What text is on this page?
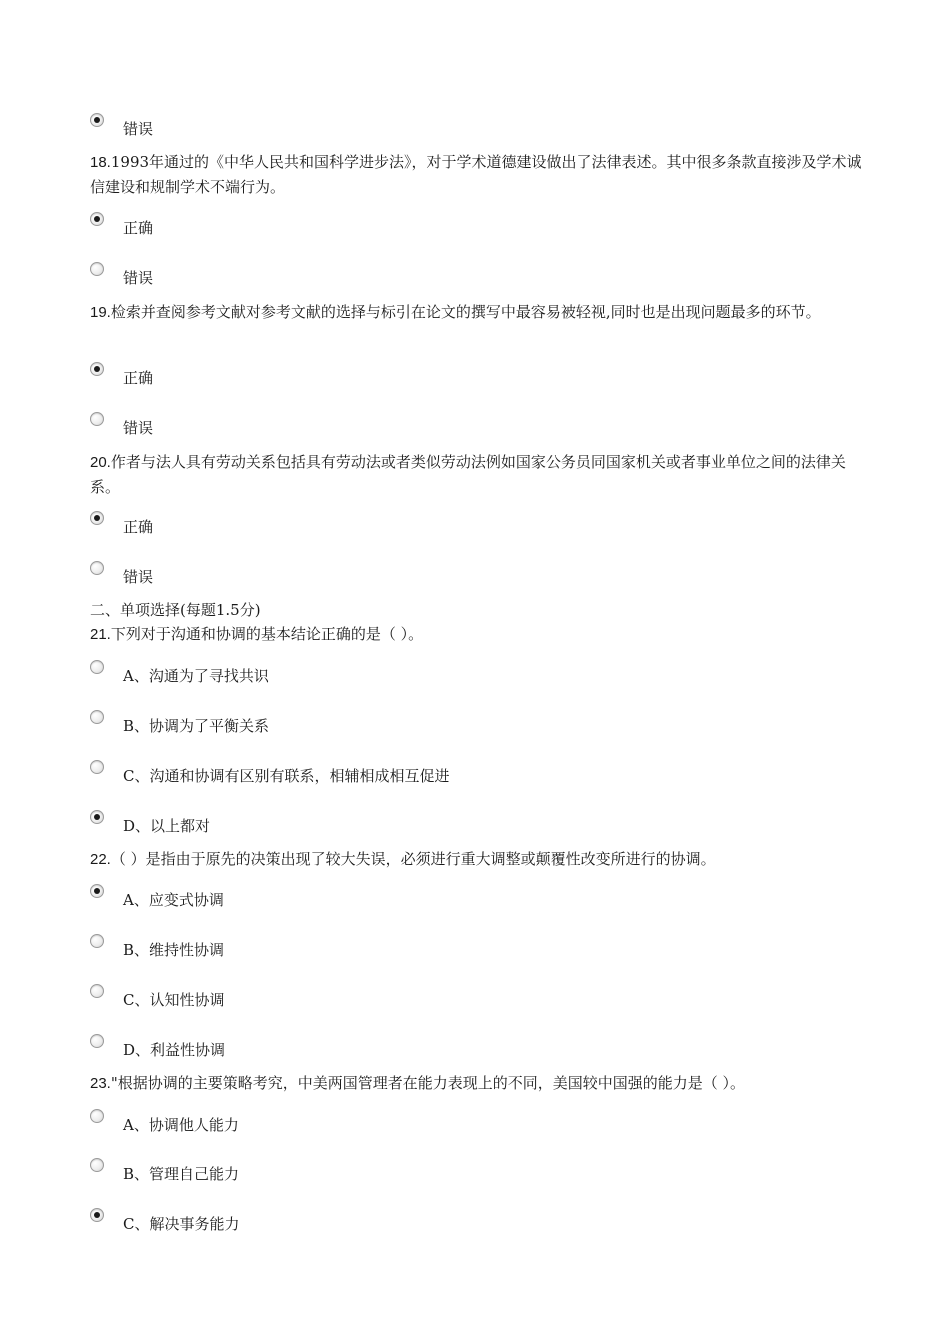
错误

18.1993年通过的《中华人民共和国科学进步法》，对于学术道德建设做出了法律表述。其中很多条款直接涉及学术诚信建设和规制学术不端行为。

正确
错误

19.检索并查阅参考文献对参考文献的选择与标引在论文的撰写中最容易被轻视,同时也是出现问题最多的环节。

正确
错误

20.作者与法人具有劳动关系包括具有劳动法或者类似劳动法例如国家公务员同国家机关或者事业单位之间的法律关系。

正确
错误

二、单项选择(每题1.5分)

21.下列对于沟通和协调的基本结论正确的是（ ）。

A、沟通为了寻找共识
B、协调为了平衡关系
C、沟通和协调有区别有联系，相辅相成相互促进
D、以上都对

22.（ ）是指由于原先的决策出现了较大失误，必须进行重大调整或颠覆性改变所进行的协调。

A、应变式协调
B、维持性协调
C、认知性协调
D、利益性协调

23."根据协调的主要策略考究，中美两国管理者在能力表现上的不同，美国较中国强的能力是（ ）。

A、协调他人能力
B、管理自己能力
C、解决事务能力
